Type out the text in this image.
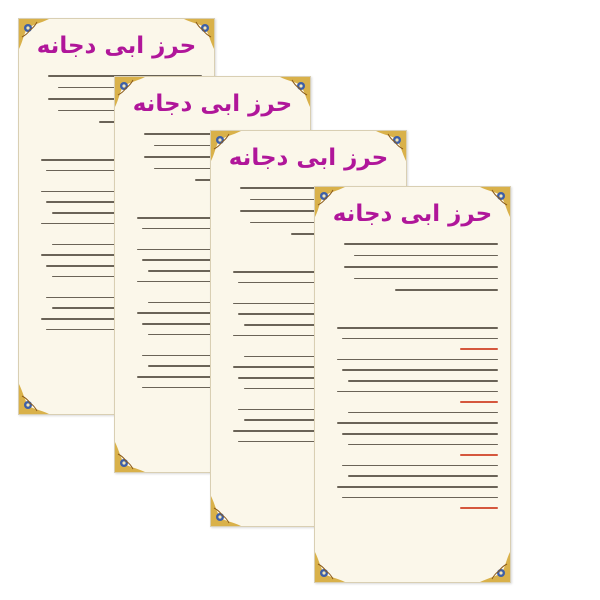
حرز ابی دجانه
حرز ابی دجانه
حرز ابی دجانه
حرز ابی دجانه
